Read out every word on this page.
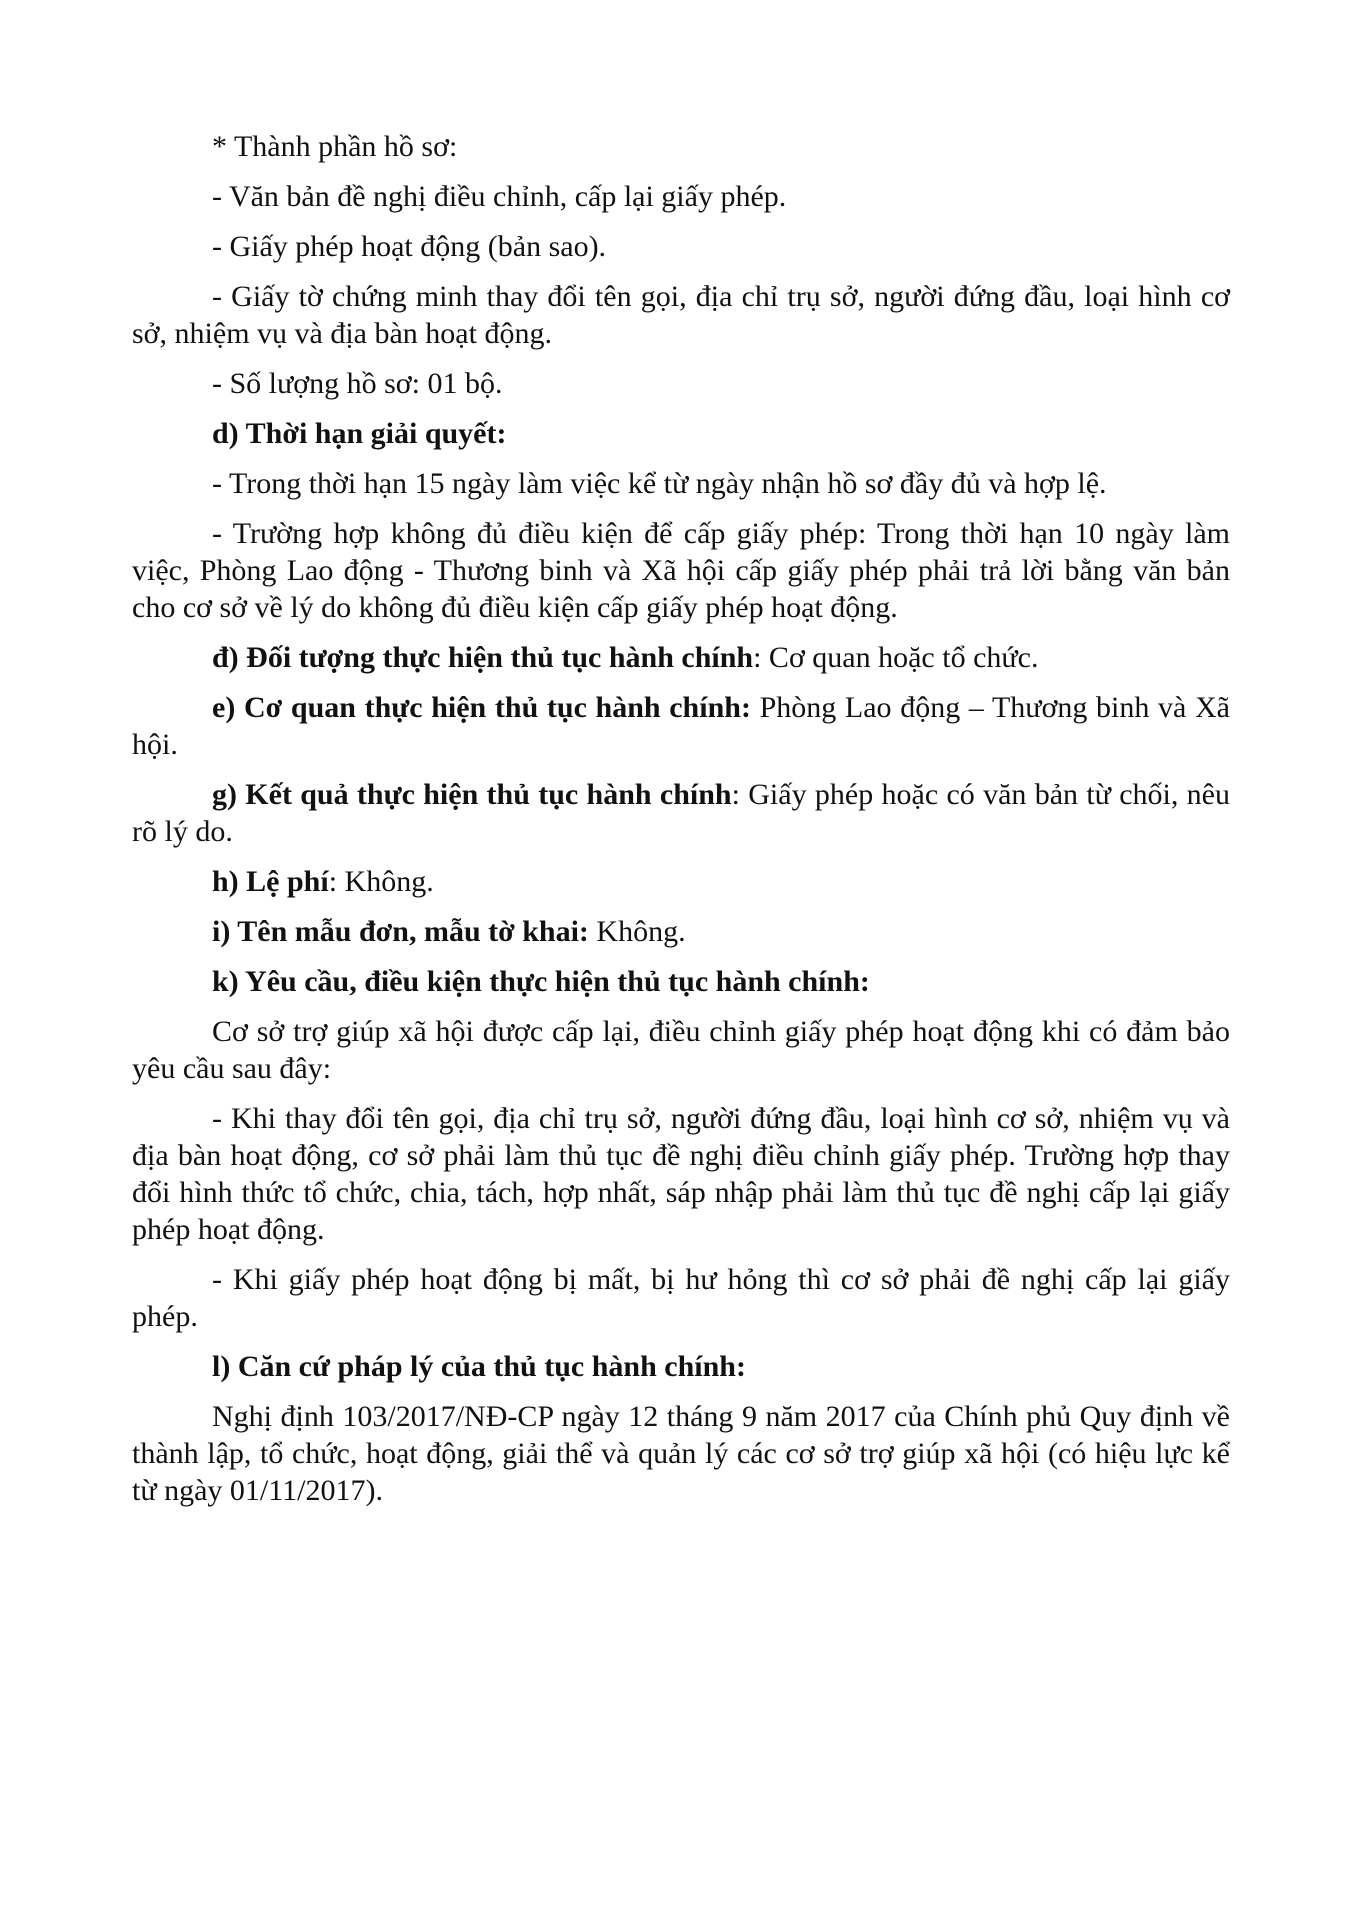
* Thành phần hồ sơ:

- Văn bản đề nghị điều chỉnh, cấp lại giấy phép.

- Giấy phép hoạt động (bản sao).

- Giấy tờ chứng minh thay đổi tên gọi, địa chỉ trụ sở, người đứng đầu, loại hình cơ sở, nhiệm vụ và địa bàn hoạt động.

- Số lượng hồ sơ: 01 bộ.

d) Thời hạn giải quyết:

- Trong thời hạn 15 ngày làm việc kể từ ngày nhận hồ sơ đầy đủ và hợp lệ.

- Trường hợp không đủ điều kiện để cấp giấy phép: Trong thời hạn 10 ngày làm việc, Phòng Lao động - Thương binh và Xã hội cấp giấy phép phải trả lời bằng văn bản cho cơ sở về lý do không đủ điều kiện cấp giấy phép hoạt động.

đ) Đối tượng thực hiện thủ tục hành chính: Cơ quan hoặc tổ chức.

e) Cơ quan thực hiện thủ tục hành chính: Phòng Lao động – Thương binh và Xã hội.

g) Kết quả thực hiện thủ tục hành chính: Giấy phép hoặc có văn bản từ chối, nêu rõ lý do.

h) Lệ phí: Không.

i) Tên mẫu đơn, mẫu tờ khai: Không.

k) Yêu cầu, điều kiện thực hiện thủ tục hành chính:

Cơ sở trợ giúp xã hội được cấp lại, điều chỉnh giấy phép hoạt động khi có đảm bảo yêu cầu sau đây:

- Khi thay đổi tên gọi, địa chỉ trụ sở, người đứng đầu, loại hình cơ sở, nhiệm vụ và địa bàn hoạt động, cơ sở phải làm thủ tục đề nghị điều chỉnh giấy phép. Trường hợp thay đổi hình thức tổ chức, chia, tách, hợp nhất, sáp nhập phải làm thủ tục đề nghị cấp lại giấy phép hoạt động.

- Khi giấy phép hoạt động bị mất, bị hư hỏng thì cơ sở phải đề nghị cấp lại giấy phép.

l) Căn cứ pháp lý của thủ tục hành chính:

Nghị định 103/2017/NĐ-CP ngày 12 tháng 9 năm 2017 của Chính phủ Quy định về thành lập, tổ chức, hoạt động, giải thể và quản lý các cơ sở trợ giúp xã hội (có hiệu lực kể từ ngày 01/11/2017).
